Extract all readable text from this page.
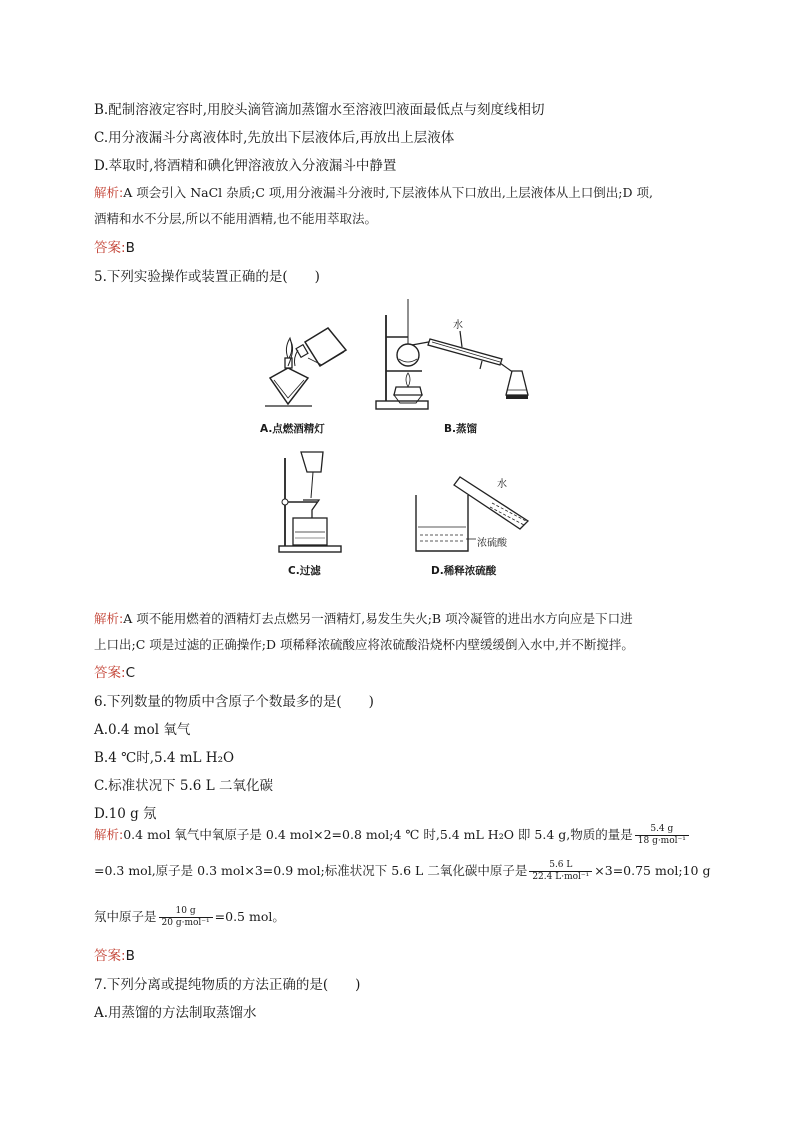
B.配制溶液定容时,用胶头滴管滴加蒸馏水至溶液凹液面最低点与刻度线相切
C.用分液漏斗分离液体时,先放出下层液体后,再放出上层液体
D.萃取时,将酒精和碘化钾溶液放入分液漏斗中静置
解析:A 项会引入 NaCl 杂质;C 项,用分液漏斗分液时,下层液体从下口放出,上层液体从上口倒出;D 项,
酒精和水不分层,所以不能用酒精,也不能用萃取法。
答案:B
5.下列实验操作或装置正确的是(　　)
A.点燃酒精灯
水
B.蒸馏
C.过滤
水
浓硫酸
D.稀释浓硫酸
解析:A 项不能用燃着的酒精灯去点燃另一酒精灯,易发生失火;B 项冷凝管的进出水方向应是下口进
上口出;C 项是过滤的正确操作;D 项稀释浓硫酸应将浓硫酸沿烧杯内壁缓缓倒入水中,并不断搅拌。
答案:C
6.下列数量的物质中含原子个数最多的是(　　)
A.0.4 mol 氧气
B.4 ℃时,5.4 mL H₂O
C.标准状况下 5.6 L 二氧化碳
D.10 g 氖
解析:0.4 mol 氧气中氧原子是 0.4 mol×2=0.8 mol;4 ℃ 时,5.4 mL H₂O 即 5.4 g,物质的量是 $\frac{5.4 g}{\text{18 g·mol⁻¹}}$
=0.3 mol,原子是 0.3 mol×3=0.9 mol;标准状况下 5.6 L 二氧化碳中原子是 $\frac{5.6 L}{\text{22.4 L·mol⁻¹}} \times 3=0.75$ mol;10 g
氖中原子是 $\frac{10 g}{\text{20 g·mol⁻¹}} =0.5$ mol。
答案:B
7.下列分离或提纯物质的方法正确的是(　　)
A.用蒸馏的方法制取蒸馏水
